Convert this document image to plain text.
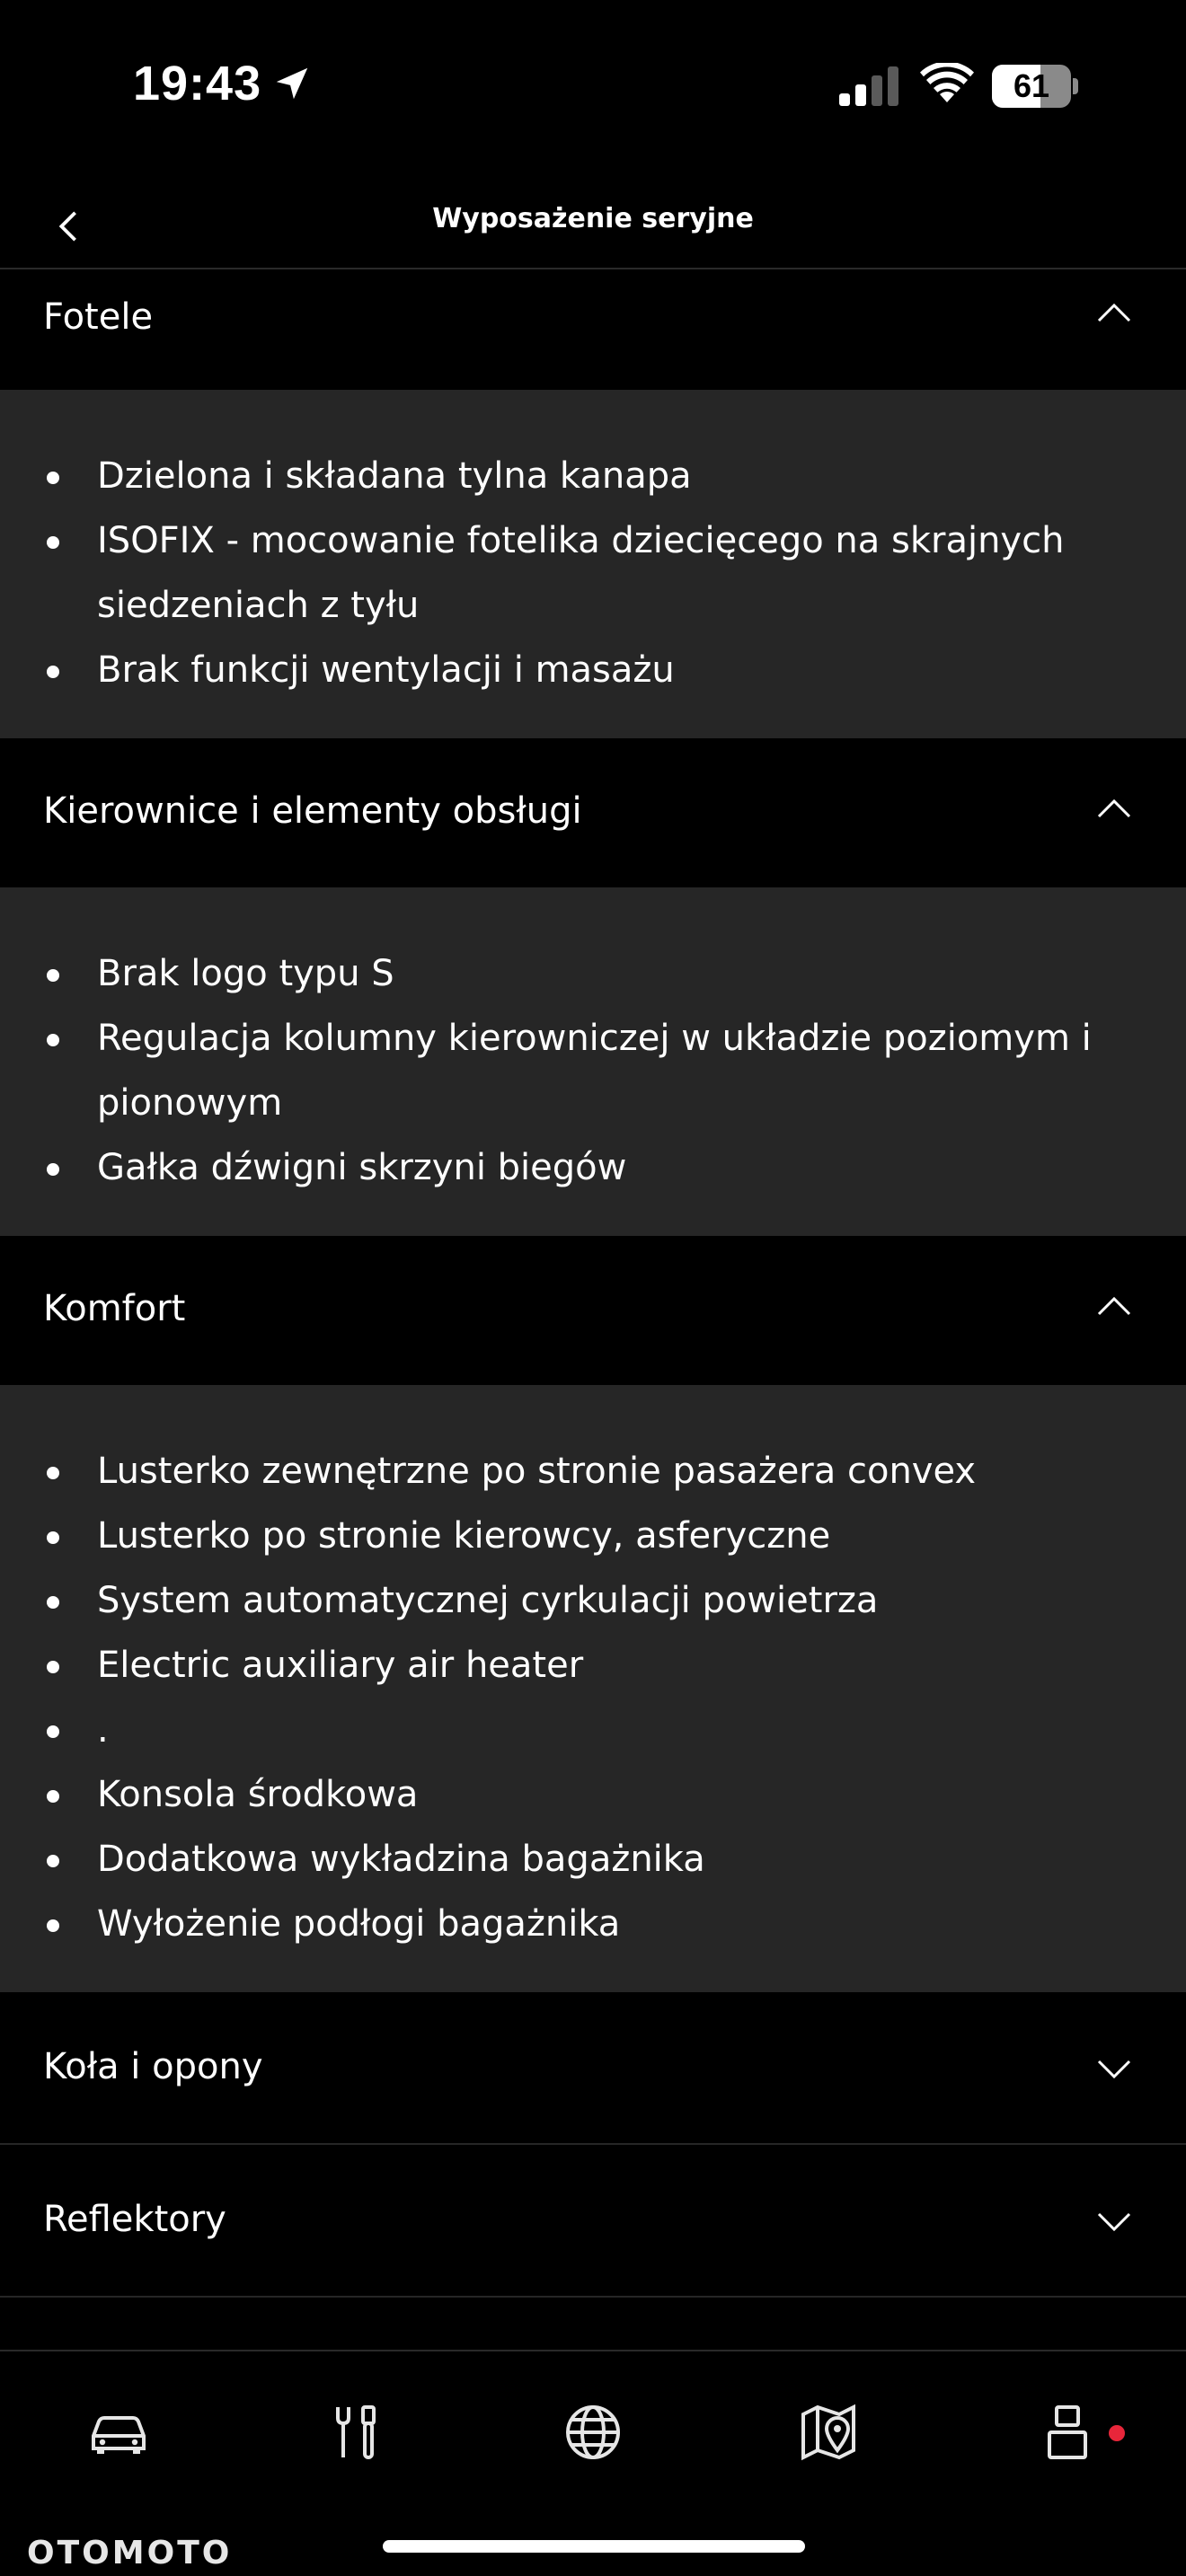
19:43	61
Wyposażenie seryjne
Fotele
Dzielona i składana tylna kanapa
ISOFIX - mocowanie fotelika dziecięcego na skrajnych siedzeniach z tyłu
Brak funkcji wentylacji i masażu
Kierownice i elementy obsługi
Brak logo typu S
Regulacja kolumny kierowniczej w układzie poziomym i pionowym
Gałka dźwigni skrzyni biegów
Komfort
Lusterko zewnętrzne po stronie pasażera convex
Lusterko po stronie kierowcy, asferyczne
System automatycznej cyrkulacji powietrza
Electric auxiliary air heater
.
Konsola środkowa
Dodatkowa wykładzina bagażnika
Wyłożenie podłogi bagażnika
Koła i opony
Reflektory
OTOMOTO
